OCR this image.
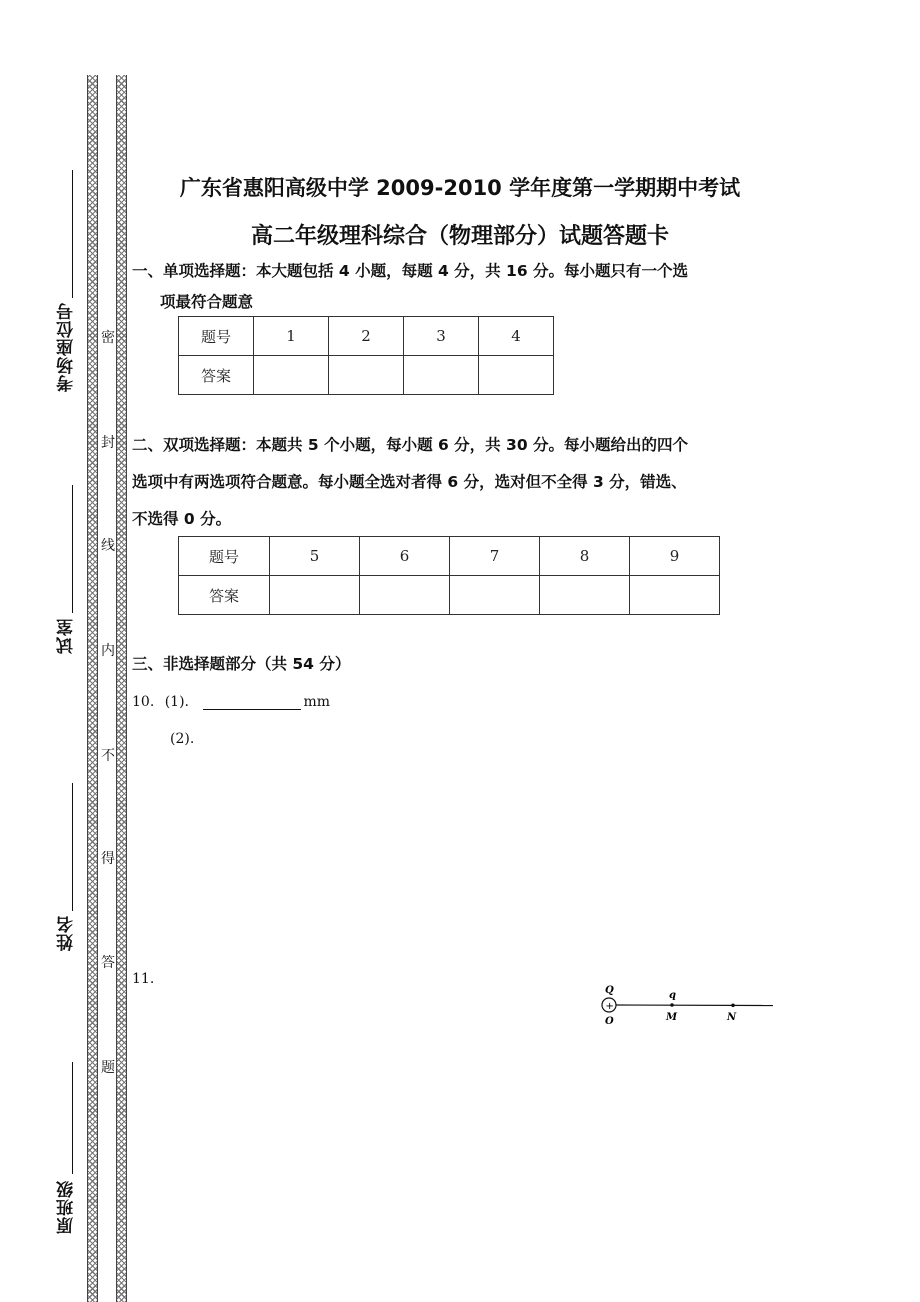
密
封
线
内
不
得
答
题
考场座位号
试室
姓名
原班级
广东省惠阳高级中学 2009-2010 学年度第一学期期中考试
高二年级理科综合（物理部分）试题答题卡
一、单项选择题：本大题包括 4 小题，每题 4 分，共 16 分。每小题只有一个选
项最符合题意
题号	1	2	3	4
答案				
二、双项选择题：本题共 5 个小题，每小题 6 分，共 30 分。每小题给出的四个
选项中有两选项符合题意。每小题全选对者得 6 分，选对但不全得 3 分，错选、
不选得 0 分。
题号	5	6	7	8	9
答案					
三、非选择题部分（共 54 分）
10. (1).	mm
(2).
11.
Q
+
O
q
M	N
